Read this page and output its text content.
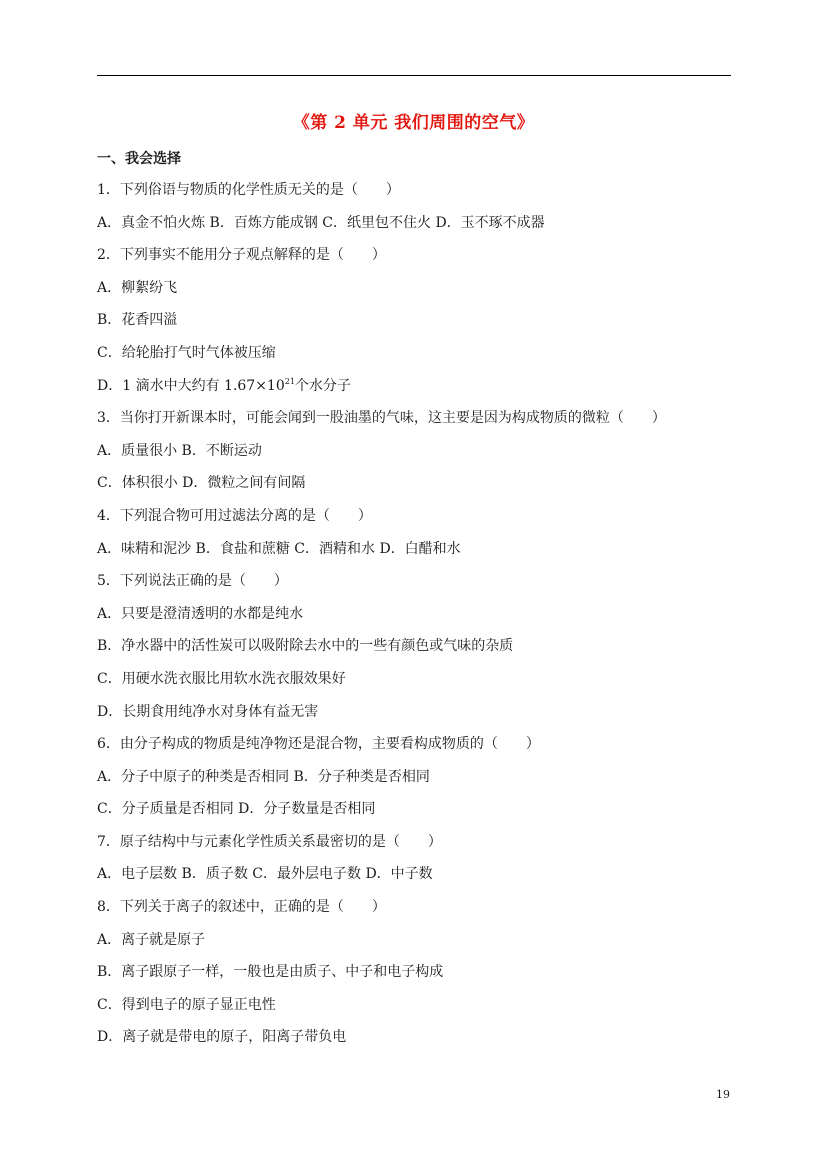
《第 2 单元 我们周围的空气》
一、我会选择
1．下列俗语与物质的化学性质无关的是（　　）
A．真金不怕火炼 B．百炼方能成钢 C．纸里包不住火 D．玉不琢不成器
2．下列事实不能用分子观点解释的是（　　）
A．柳絮纷飞
B．花香四溢
C．给轮胎打气时气体被压缩
D．1 滴水中大约有 $1.67\times 10^{21}$个水分子
3．当你打开新课本时，可能会闻到一股油墨的气味，这主要是因为构成物质的微粒（　　）
A．质量很小 B．不断运动
C．体积很小 D．微粒之间有间隔
4．下列混合物可用过滤法分离的是（　　）
A．味精和泥沙 B．食盐和蔗糖 C．酒精和水 D．白醋和水
5．下列说法正确的是（　　）
A．只要是澄清透明的水都是纯水
B．净水器中的活性炭可以吸附除去水中的一些有颜色或气味的杂质
C．用硬水洗衣服比用软水洗衣服效果好
D．长期食用纯净水对身体有益无害
6．由分子构成的物质是纯净物还是混合物，主要看构成物质的（　　）
A．分子中原子的种类是否相同 B．分子种类是否相同
C．分子质量是否相同 D．分子数量是否相同
7．原子结构中与元素化学性质关系最密切的是（　　）
A．电子层数 B．质子数 C．最外层电子数 D．中子数
8．下列关于离子的叙述中，正确的是（　　）
A．离子就是原子
B．离子跟原子一样，一般也是由质子、中子和电子构成
C．得到电子的原子显正电性
D．离子就是带电的原子，阳离子带负电
19
